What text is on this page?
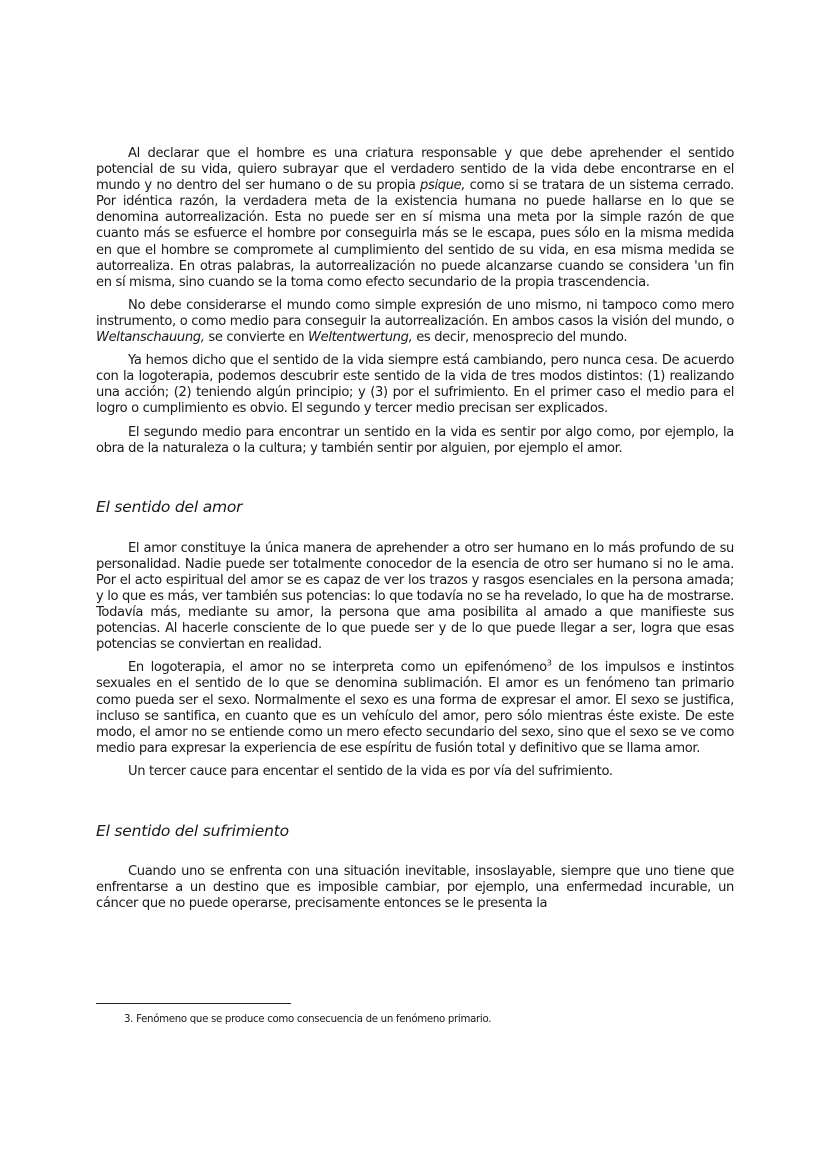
Al declarar que el hombre es una criatura responsable y que debe aprehender el sentido potencial de su vida, quiero subrayar que el verdadero sentido de la vida debe encontrarse en el mundo y no dentro del ser humano o de su propia psique, como si se tratara de un sistema cerrado. Por idéntica razón, la verdadera meta de la existencia humana no puede hallarse en lo que se denomina autorrealización. Esta no puede ser en sí misma una meta por la simple razón de que cuanto más se esfuerce el hombre por conseguirla más se le escapa, pues sólo en la misma medida en que el hombre se compromete al cumplimiento del sentido de su vida, en esa misma medida se autorrealiza. En otras palabras, la autorrealización no puede alcanzarse cuando se considera 'un fin en sí misma, sino cuando se la toma como efecto secundario de la propia trascendencia.

No debe considerarse el mundo como simple expresión de uno mismo, ni tampoco como mero instrumento, o como medio para conseguir la autorrealización. En ambos casos la visión del mundo, o Weltanschauung, se convierte en Weltentwertung, es decir, menosprecio del mundo.

Ya hemos dicho que el sentido de la vida siempre está cambiando, pero nunca cesa. De acuerdo con la logoterapia, podemos descubrir este sentido de la vida de tres modos distintos: (1) realizando una acción; (2) teniendo algún principio; y (3) por el sufrimiento. En el primer caso el medio para el logro o cumplimiento es obvio. El segundo y tercer medio precisan ser explicados.

El segundo medio para encontrar un sentido en la vida es sentir por algo como, por ejemplo, la obra de la naturaleza o la cultura; y también sentir por alguien, por ejemplo el amor.

El sentido del amor

El amor constituye la única manera de aprehender a otro ser humano en lo más profundo de su personalidad. Nadie puede ser totalmente conocedor de la esencia de otro ser humano si no le ama. Por el acto espiritual del amor se es capaz de ver los trazos y rasgos esenciales en la persona amada; y lo que es más, ver también sus potencias: lo que todavía no se ha revelado, lo que ha de mostrarse. Todavía más, mediante su amor, la persona que ama posibilita al amado a que manifieste sus potencias. Al hacerle consciente de lo que puede ser y de lo que puede llegar a ser, logra que esas potencias se conviertan en realidad.

En logoterapia, el amor no se interpreta como un epifenómeno$^3$ de los impulsos e instintos sexuales en el sentido de lo que se denomina sublimación. El amor es un fenómeno tan primario como pueda ser el sexo. Normalmente el sexo es una forma de expresar el amor. El sexo se justifica, incluso se santifica, en cuanto que es un vehículo del amor, pero sólo mientras éste existe. De este modo, el amor no se entiende como un mero efecto secundario del sexo, sino que el sexo se ve como medio para expresar la experiencia de ese espíritu de fusión total y definitivo que se llama amor.

Un tercer cauce para encentar el sentido de la vida es por vía del sufrimiento.

El sentido del sufrimiento

Cuando uno se enfrenta con una situación inevitable, insoslayable, siempre que uno tiene que enfrentarse a un destino que es imposible cambiar, por ejemplo, una enfermedad incurable, un cáncer que no puede operarse, precisamente entonces se le presenta la

3. Fenómeno que se produce como consecuencia de un fenómeno primario.
